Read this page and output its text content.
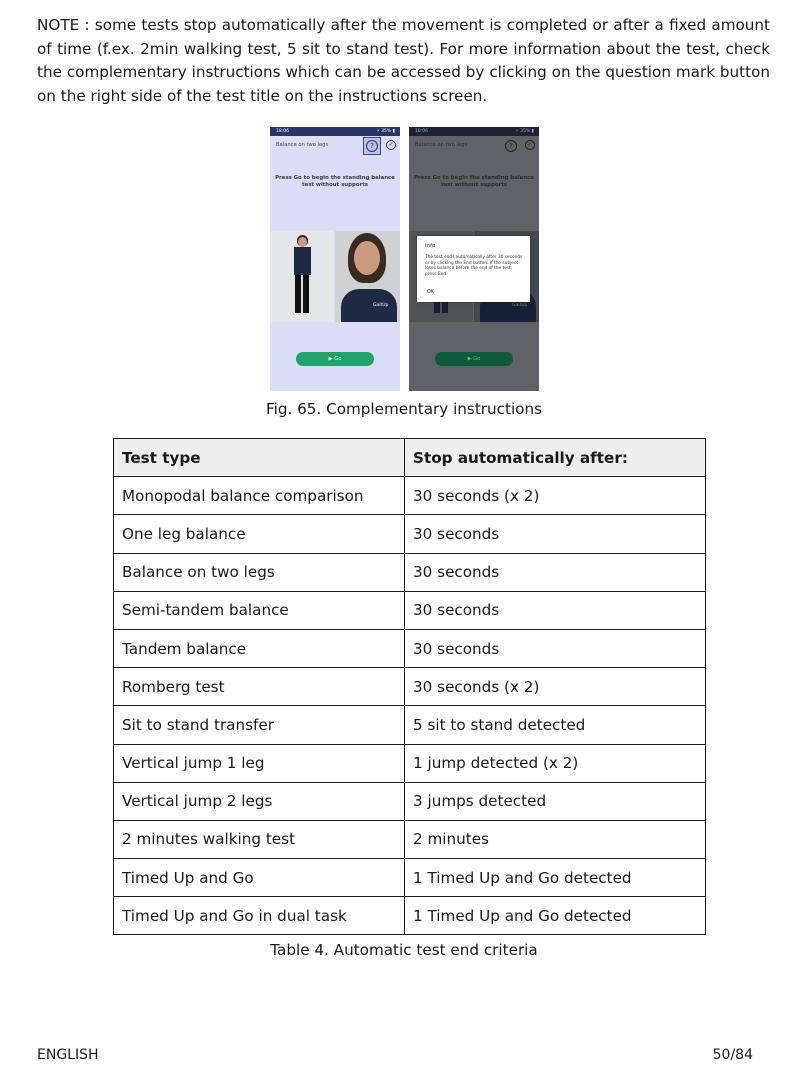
NOTE : some tests stop automatically after the movement is completed or after a fixed amount of time (f.ex. 2min walking test, 5 sit to stand test). For more information about the test, check the complementary instructions which can be accessed by clicking on the question mark button on the right side of the test title on the instructions screen.

18:06	⚡ 35% ▮
Balance on two legs	?	✓
Press Go to begin the standing balance test without supports
GaitUp
▶ Go
18:06	⚡ 35% ▮
Balance on two legs	?	✓
Press Go to begin the standing balance test without supports
GaitUp
Info
The test ends automatically after 30 seconds or by clicking the End button. If the subject loses balance before the end of the test, press End.
OK
▶ Go
Fig. 65. Complementary instructions
Test type	Stop automatically after:
Monopodal balance comparison	30 seconds (x 2)
One leg balance	30 seconds
Balance on two legs	30 seconds
Semi-tandem balance	30 seconds
Tandem balance	30 seconds
Romberg test	30 seconds (x 2)
Sit to stand transfer	5 sit to stand detected
Vertical jump 1 leg	1 jump detected (x 2)
Vertical jump 2 legs	3 jumps detected
2 minutes walking test	2 minutes
Timed Up and Go	1 Timed Up and Go detected
Timed Up and Go in dual task	1 Timed Up and Go detected
Table 4. Automatic test end criteria
ENGLISH	50/84
